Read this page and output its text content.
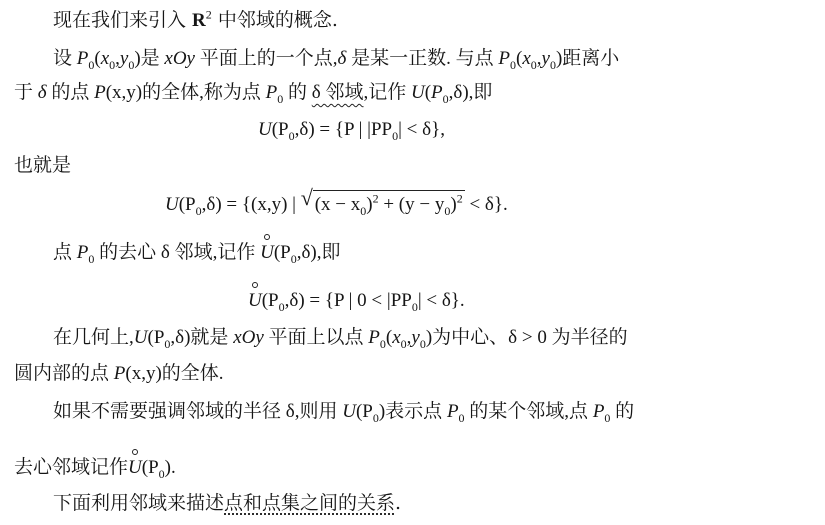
现在我们来引入 $R^2$ 中邻域的概念.
设 $P_0(x_0,y_0)$是 xOy 平面上的一个点,δ 是某一正数. 与点 $P_0(x_0,y_0)$距离小
于 δ 的点 P(x,y)的全体,称为点 $P_0$ 的 δ 邻域,记作 $U(P_0,\delta)$,即
$U(P_0,\delta) = \{P$ | $|PP_0| < \delta$},
也就是
$U(P_0,\delta) = \{(x,y)$ | √ $(x - x_0)^2 + (y - y_0)^2 < \delta$}.
点 $P_0$ 的去心 δ 邻域,记作 $U(P_0,\delta)$,即
$U(P_0,\delta) = \{P$ | $0 < |PP_0| < \delta$}.
在几何上$,U(P_0,\delta)$就是 xOy 平面上以点 $P_0(x_0,y_0)$为中心、δ > 0 为半径的
圆内部的点 P(x,y)的全体.
如果不需要强调邻域的半径 δ,则用 $U(P_0)$表示点 $P_0$ 的某个邻域,点 $P_0$ 的
去心邻域记作$U(P_0)$.
下面利用邻域来描述点和点集之间的关系.
